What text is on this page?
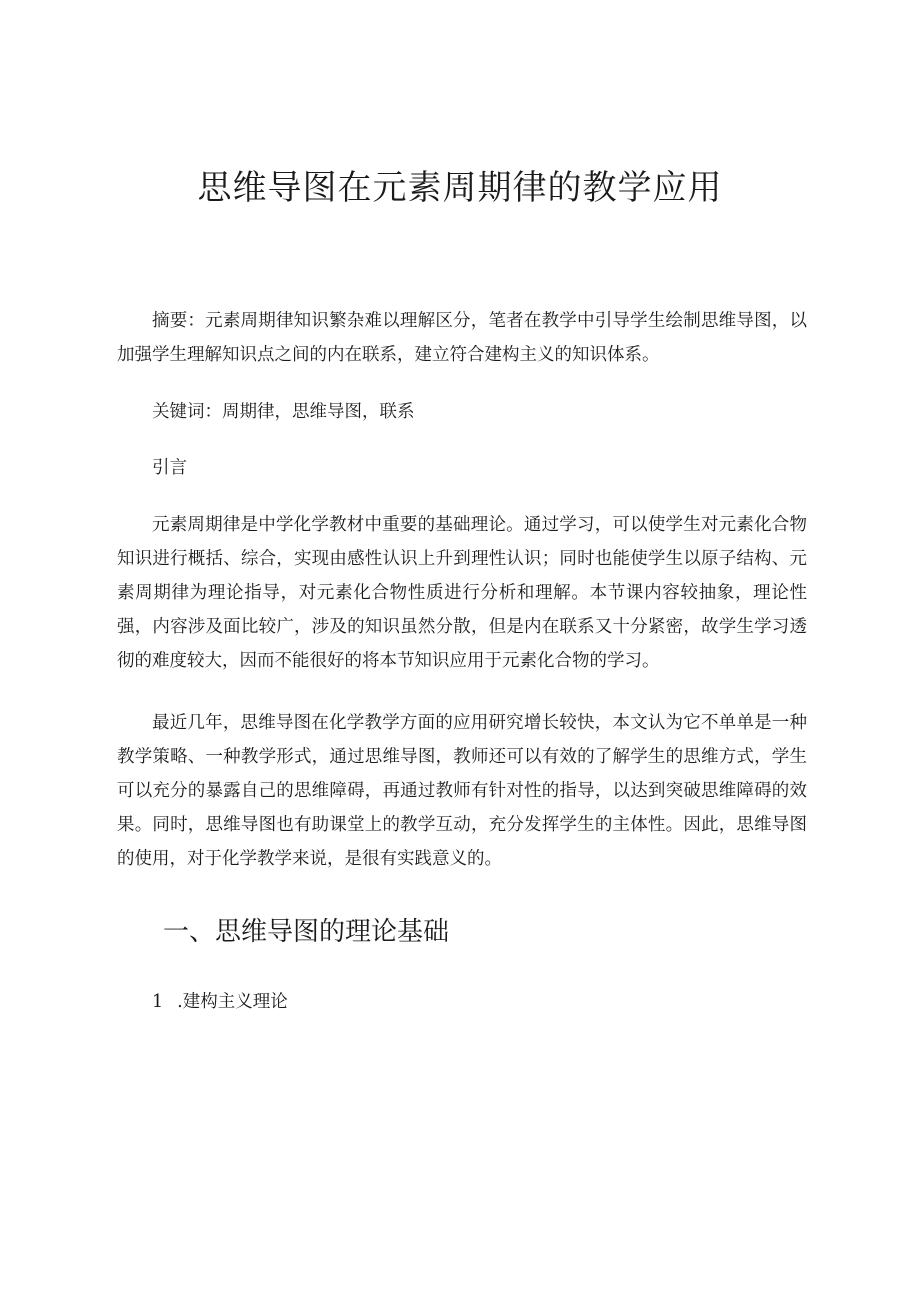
思维导图在元素周期律的教学应用

摘要：元素周期律知识繁杂难以理解区分，笔者在教学中引导学生绘制思维导图，以加强学生理解知识点之间的内在联系，建立符合建构主义的知识体系。

关键词：周期律，思维导图，联系

引言

元素周期律是中学化学教材中重要的基础理论。通过学习，可以使学生对元素化合物知识进行概括、综合，实现由感性认识上升到理性认识；同时也能使学生以原子结构、元素周期律为理论指导，对元素化合物性质进行分析和理解。本节课内容较抽象，理论性强，内容涉及面比较广，涉及的知识虽然分散，但是内在联系又十分紧密，故学生学习透彻的难度较大，因而不能很好的将本节知识应用于元素化合物的学习。

最近几年，思维导图在化学教学方面的应用研究增长较快，本文认为它不单单是一种教学策略、一种教学形式，通过思维导图，教师还可以有效的了解学生的思维方式，学生可以充分的暴露自己的思维障碍，再通过教师有针对性的指导，以达到突破思维障碍的效果。同时，思维导图也有助课堂上的教学互动，充分发挥学生的主体性。因此，思维导图的使用，对于化学教学来说，是很有实践意义的。

一、思维导图的理论基础

1 .建构主义理论
